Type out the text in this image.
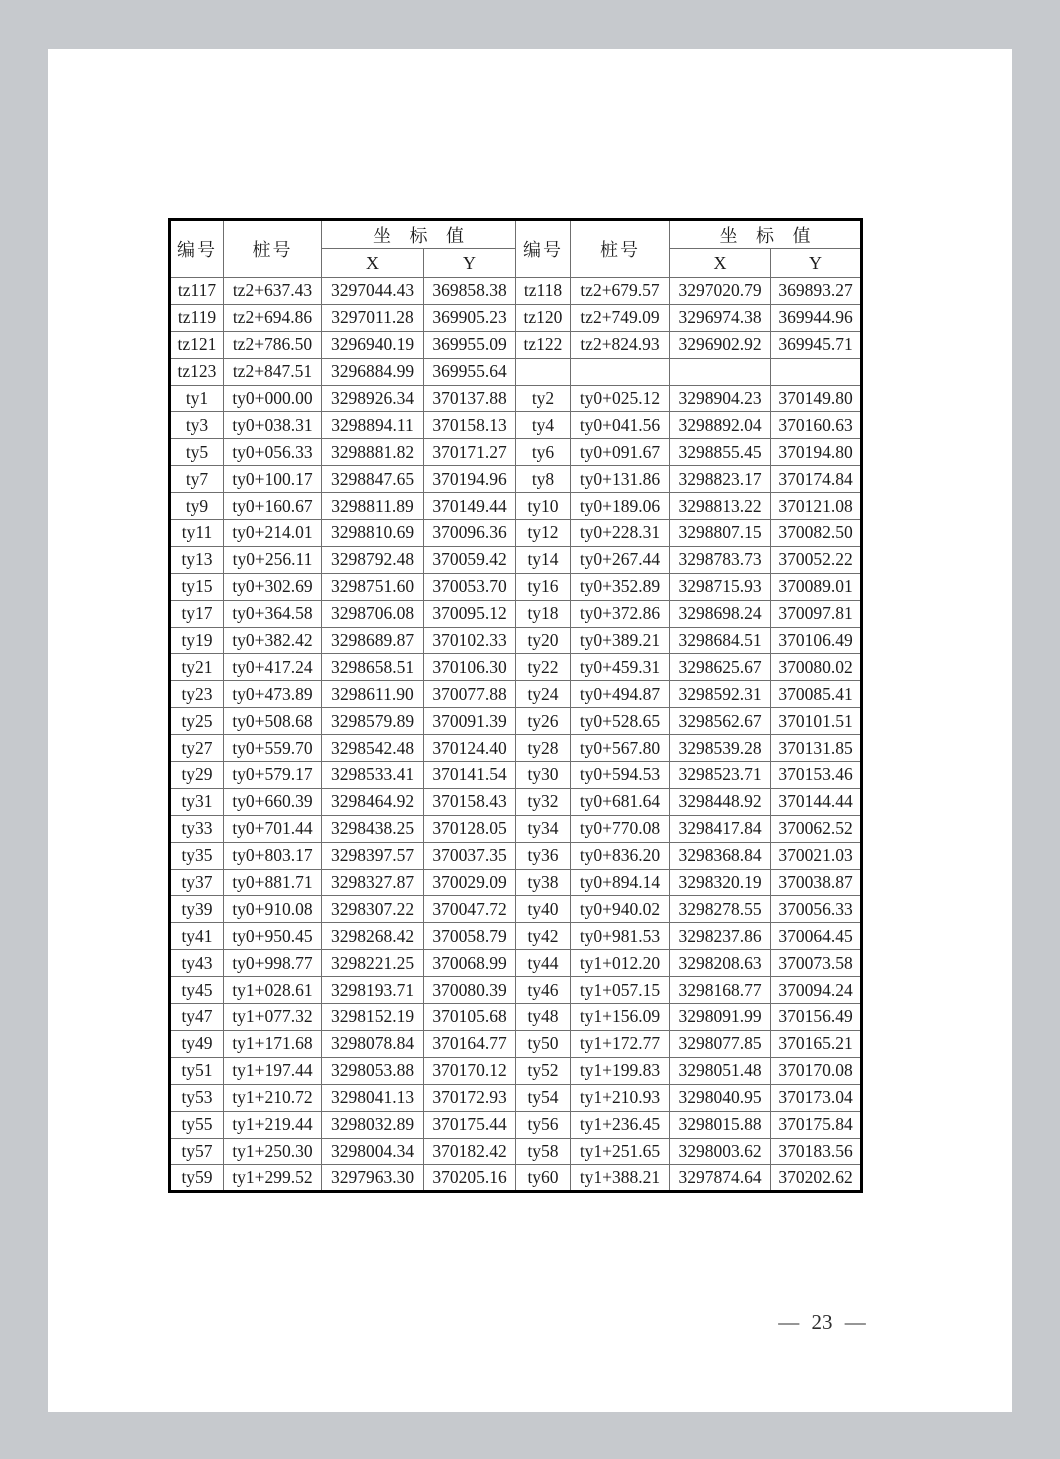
编号	桩号	坐 标 值		编号	桩号	坐 标 值	
		X	Y			X	Y
tz117	tz2+637.43	3297044.43	369858.38	tz118	tz2+679.57	3297020.79	369893.27
tz119	tz2+694.86	3297011.28	369905.23	tz120	tz2+749.09	3296974.38	369944.96
tz121	tz2+786.50	3296940.19	369955.09	tz122	tz2+824.93	3296902.92	369945.71
tz123	tz2+847.51	3296884.99	369955.64				
ty1	ty0+000.00	3298926.34	370137.88	ty2	ty0+025.12	3298904.23	370149.80
ty3	ty0+038.31	3298894.11	370158.13	ty4	ty0+041.56	3298892.04	370160.63
ty5	ty0+056.33	3298881.82	370171.27	ty6	ty0+091.67	3298855.45	370194.80
ty7	ty0+100.17	3298847.65	370194.96	ty8	ty0+131.86	3298823.17	370174.84
ty9	ty0+160.67	3298811.89	370149.44	ty10	ty0+189.06	3298813.22	370121.08
ty11	ty0+214.01	3298810.69	370096.36	ty12	ty0+228.31	3298807.15	370082.50
ty13	ty0+256.11	3298792.48	370059.42	ty14	ty0+267.44	3298783.73	370052.22
ty15	ty0+302.69	3298751.60	370053.70	ty16	ty0+352.89	3298715.93	370089.01
ty17	ty0+364.58	3298706.08	370095.12	ty18	ty0+372.86	3298698.24	370097.81
ty19	ty0+382.42	3298689.87	370102.33	ty20	ty0+389.21	3298684.51	370106.49
ty21	ty0+417.24	3298658.51	370106.30	ty22	ty0+459.31	3298625.67	370080.02
ty23	ty0+473.89	3298611.90	370077.88	ty24	ty0+494.87	3298592.31	370085.41
ty25	ty0+508.68	3298579.89	370091.39	ty26	ty0+528.65	3298562.67	370101.51
ty27	ty0+559.70	3298542.48	370124.40	ty28	ty0+567.80	3298539.28	370131.85
ty29	ty0+579.17	3298533.41	370141.54	ty30	ty0+594.53	3298523.71	370153.46
ty31	ty0+660.39	3298464.92	370158.43	ty32	ty0+681.64	3298448.92	370144.44
ty33	ty0+701.44	3298438.25	370128.05	ty34	ty0+770.08	3298417.84	370062.52
ty35	ty0+803.17	3298397.57	370037.35	ty36	ty0+836.20	3298368.84	370021.03
ty37	ty0+881.71	3298327.87	370029.09	ty38	ty0+894.14	3298320.19	370038.87
ty39	ty0+910.08	3298307.22	370047.72	ty40	ty0+940.02	3298278.55	370056.33
ty41	ty0+950.45	3298268.42	370058.79	ty42	ty0+981.53	3298237.86	370064.45
ty43	ty0+998.77	3298221.25	370068.99	ty44	ty1+012.20	3298208.63	370073.58
ty45	ty1+028.61	3298193.71	370080.39	ty46	ty1+057.15	3298168.77	370094.24
ty47	ty1+077.32	3298152.19	370105.68	ty48	ty1+156.09	3298091.99	370156.49
ty49	ty1+171.68	3298078.84	370164.77	ty50	ty1+172.77	3298077.85	370165.21
ty51	ty1+197.44	3298053.88	370170.12	ty52	ty1+199.83	3298051.48	370170.08
ty53	ty1+210.72	3298041.13	370172.93	ty54	ty1+210.93	3298040.95	370173.04
ty55	ty1+219.44	3298032.89	370175.44	ty56	ty1+236.45	3298015.88	370175.84
ty57	ty1+250.30	3298004.34	370182.42	ty58	ty1+251.65	3298003.62	370183.56
ty59	ty1+299.52	3297963.30	370205.16	ty60	ty1+388.21	3297874.64	370202.62
— 23 —
